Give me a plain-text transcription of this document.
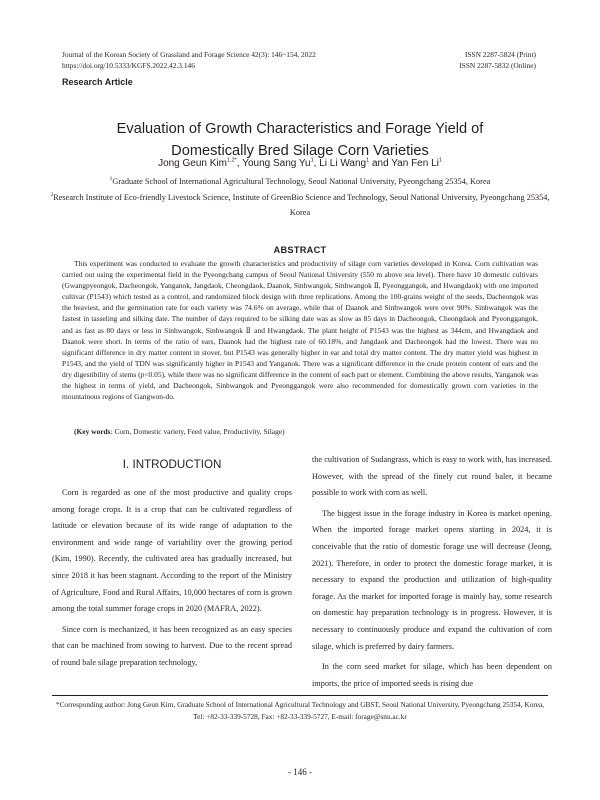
Journal of the Korean Society of Grassland and Forage Science 42(3): 146~154, 2022
https://doi.org/10.5333/KGFS.2022.42.3.146
ISSN 2287-5824 (Print)
ISSN 2287-5832 (Online)
Research Article
Evaluation of Growth Characteristics and Forage Yield of
Domestically Bred Silage Corn Varieties
Jong Geun Kim$^{1,2*}$, Young Sang Yu$^1$, Li Li Wang$^1$ and Yan Fen Li$^1$
$^1$Graduate School of International Agricultural Technology, Seoul National University, Pyeongchang 25354, Korea
$^2$Research Institute of Eco-friendly Livestock Science, Institute of GreenBio Science and Technology, Seoul National University, Pyeongchang 25354, Korea
ABSTRACT

This experiment was conducted to evaluate the growth characteristics and productivity of silage corn varieties developed in Korea. Corn cultivation was carried out using the experimental field in the Pyeongchang campus of Seoul National University (550 m above sea level). There have 10 domestic cultivars (Gwangpyeongok, Dacheongok, Yanganok, Jangdaok, Cheongdaok, Daanok, Sinhwangok, Sinhwangok Ⅱ, Pyeonggangok, and Hwangdaok) with one imported cultivar (P1543) which tested as a control, and randomized block design with three replications. Among the 100-grains weight of the seeds, Dacheongok was the heaviest, and the germination rate for each variety was 74.6% on average, while that of Daanok and Sinhwangok were over 90%. Sinhwangok was the fastest in tasseling and silking date. The number of days required to be silking date was as slow as 85 days in Dacheongok, Cheongdaok and Pyeonggangok, and as fast as 80 days or less in Sinhwangok, Sinhwangok Ⅱ and Hwangdaok. The plant height of P1543 was the highest as 344cm, and Hwangdaok and Daanok were short. In terms of the ratio of ears, Daanok had the highest rate of 60.18%, and Jangdaok and Dacheongok had the lowest. There was no significant difference in dry matter content in stover, but P1543 was generally higher in ear and total dry matter content. The dry matter yield was highest in P1543, and the yield of TDN was significantly higher in P1543 and Yanganok. There was a significant difference in the crude protein content of ears and the dry digestibility of stems (p<0.05), while there was no significant difference in the content of each part or element. Combining the above results, Yanganok was the highest in terms of yield, and Dacheongok, Sinhwangok and Pyeonggangok were also recommended for domestically grown corn varieties in the mountainous regions of Gangwon-do.

(Key words: Corn, Domestic variety, Feed value, Productivity, Silage)

Ⅰ. INTRODUCTION

Corn is regarded as one of the most productive and quality crops among forage crops. It is a crop that can be cultivated regardless of latitude or elevation because of its wide range of adaptation to the environment and wide range of variability over the growing period (Kim, 1990). Recently, the cultivated area has gradually increased, but since 2018 it has been stagnant. According to the report of the Ministry of Agriculture, Food and Rural Affairs, 10,000 hectares of corn is grown among the total summer forage crops in 2020 (MAFRA, 2022).

Since corn is mechanized, it has been recognized as an easy species that can be machined from sowing to harvest. Due to the recent spread of round bale silage preparation technology,

the cultivation of Sudangrass, which is easy to work with, has increased. However, with the spread of the finely cut round baler, it became possible to work with corn as well.

The biggest issue in the forage industry in Korea is market opening. When the imported forage market opens starting in 2024, it is conceivable that the ratio of domestic forage use will decrease (Jeong, 2021). Therefore, in order to protect the domestic forage market, it is necessary to expand the production and utilization of high-quality forage. As the market for imported forage is mainly hay, some research on domestic hay preparation technology is in progress. However, it is necessary to continuously produce and expand the cultivation of corn silage, which is preferred by dairy farmers.

In the corn seed market for silage, which has been dependent on imports, the price of imported seeds is rising due

*Corresponding author: Jong Geun Kim, Graduate School of International Agricultural Technology and GBST, Seoul National University, Pyeongchang 25354, Korea, Tel: +82-33-339-5728, Fax: +82-33-339-5727, E-mail: forage@snu.ac.kr

- 146 -
